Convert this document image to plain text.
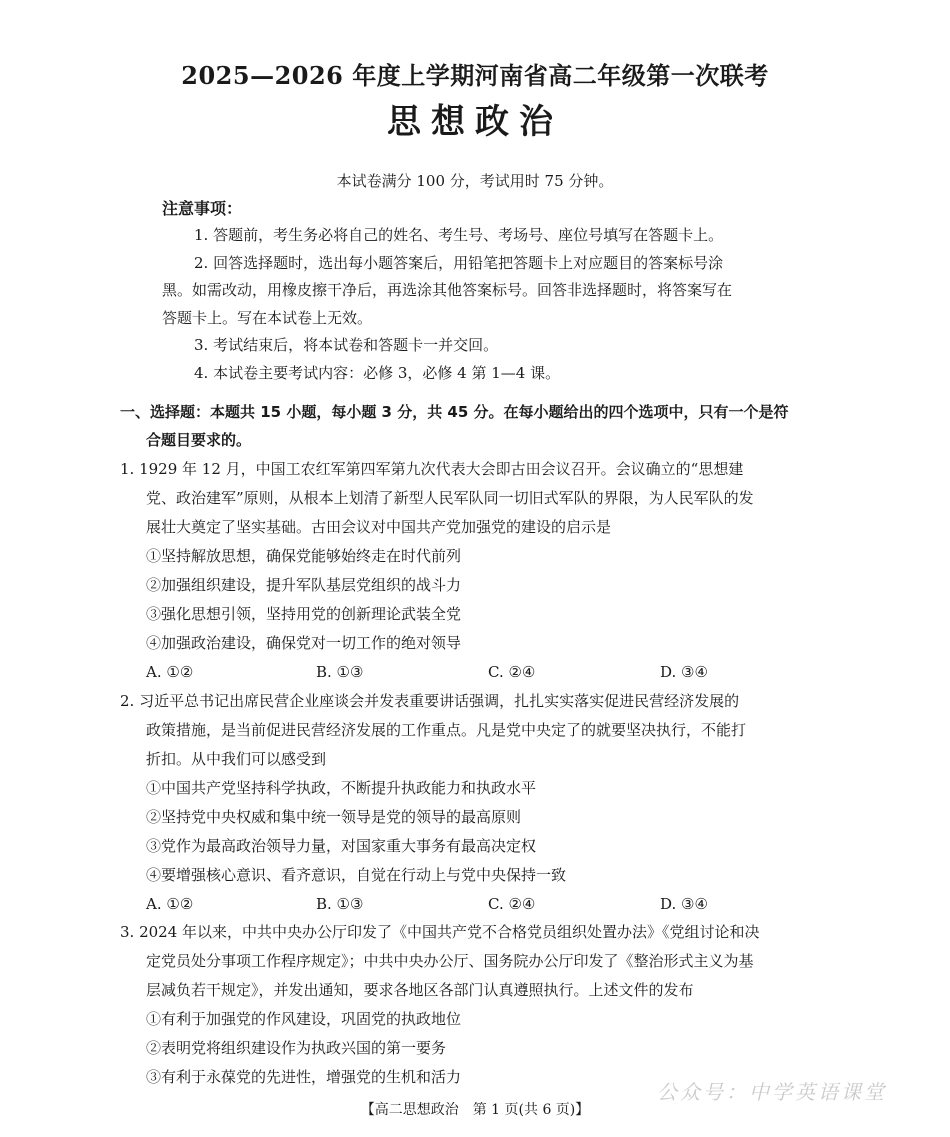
2025—2026 年度上学期河南省高二年级第一次联考
思想政治
本试卷满分 100 分，考试用时 75 分钟。
注意事项：

1. 答题前，考生务必将自己的姓名、考生号、考场号、座位号填写在答题卡上。

2. 回答选择题时，选出每小题答案后，用铅笔把答题卡上对应题目的答案标号涂

黑。如需改动，用橡皮擦干净后，再选涂其他答案标号。回答非选择题时，将答案写在

答题卡上。写在本试卷上无效。

3. 考试结束后，将本试卷和答题卡一并交回。

4. 本试卷主要考试内容：必修 3，必修 4 第 1—4 课。

一、选择题：本题共 15 小题，每小题 3 分，共 45 分。在每小题给出的四个选项中，只有一个是符
合题目要求的。

1. 1929 年 12 月，中国工农红军第四军第九次代表大会即古田会议召开。会议确立的“思想建

党、政治建军”原则，从根本上划清了新型人民军队同一切旧式军队的界限，为人民军队的发

展壮大奠定了坚实基础。古田会议对中国共产党加强党的建设的启示是

①坚持解放思想，确保党能够始终走在时代前列

②加强组织建设，提升军队基层党组织的战斗力

③强化思想引领，坚持用党的创新理论武装全党

④加强政治建设，确保党对一切工作的绝对领导

A. ①②	B. ①③	C. ②④	D. ③④

2. 习近平总书记出席民营企业座谈会并发表重要讲话强调，扎扎实实落实促进民营经济发展的

政策措施，是当前促进民营经济发展的工作重点。凡是党中央定了的就要坚决执行，不能打

折扣。从中我们可以感受到

①中国共产党坚持科学执政，不断提升执政能力和执政水平

②坚持党中央权威和集中统一领导是党的领导的最高原则

③党作为最高政治领导力量，对国家重大事务有最高决定权

④要增强核心意识、看齐意识，自觉在行动上与党中央保持一致

A. ①②	B. ①③	C. ②④	D. ③④

3. 2024 年以来，中共中央办公厅印发了《中国共产党不合格党员组织处置办法》《党组讨论和决

定党员处分事项工作程序规定》；中共中央办公厅、国务院办公厅印发了《整治形式主义为基

层减负若干规定》，并发出通知，要求各地区各部门认真遵照执行。上述文件的发布

①有利于加强党的作风建设，巩固党的执政地位

②表明党将组织建设作为执政兴国的第一要务

③有利于永葆党的先进性，增强党的生机和活力

公众号：中学英语课堂
【高二思想政治　第 1 页(共 6 页)】
